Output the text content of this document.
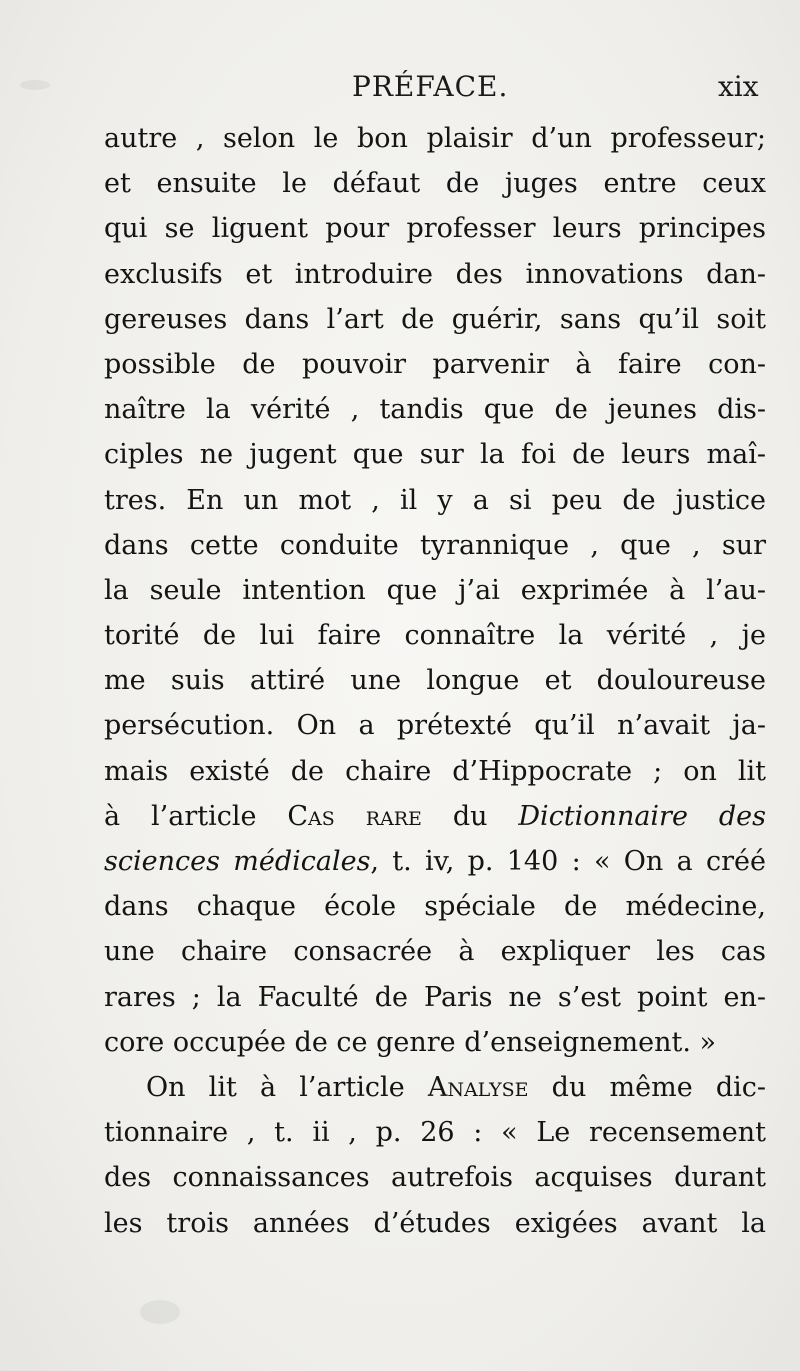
PRÉFACE.	xix
autre , selon le bon plaisir d’un professeur;
et ensuite le défaut de juges entre ceux
qui se liguent pour professer leurs principes
exclusifs et introduire des innovations dan-
gereuses dans l’art de guérir, sans qu’il soit
possible de pouvoir parvenir à faire con-
naître la vérité , tandis que de jeunes dis-
ciples ne jugent que sur la foi de leurs maî-
tres. En un mot , il y a si peu de justice
dans cette conduite tyrannique , que , sur
la seule intention que j’ai exprimée à l’au-
torité de lui faire connaître la vérité , je
me suis attiré une longue et douloureuse
persécution. On a prétexté qu’il n’avait ja-
mais existé de chaire d’Hippocrate ; on lit
à l’article Cas rare du Dictionnaire des
sciences médicales, t. iv, p. 140 : « On a créé
dans chaque école spéciale de médecine,
une chaire consacrée à expliquer les cas
rares ; la Faculté de Paris ne s’est point en-
core occupée de ce genre d’enseignement. »
On lit à l’article Analyse du même dic-
tionnaire , t. ii , p. 26 : « Le recensement
des connaissances autrefois acquises durant
les trois années d’études exigées avant la
